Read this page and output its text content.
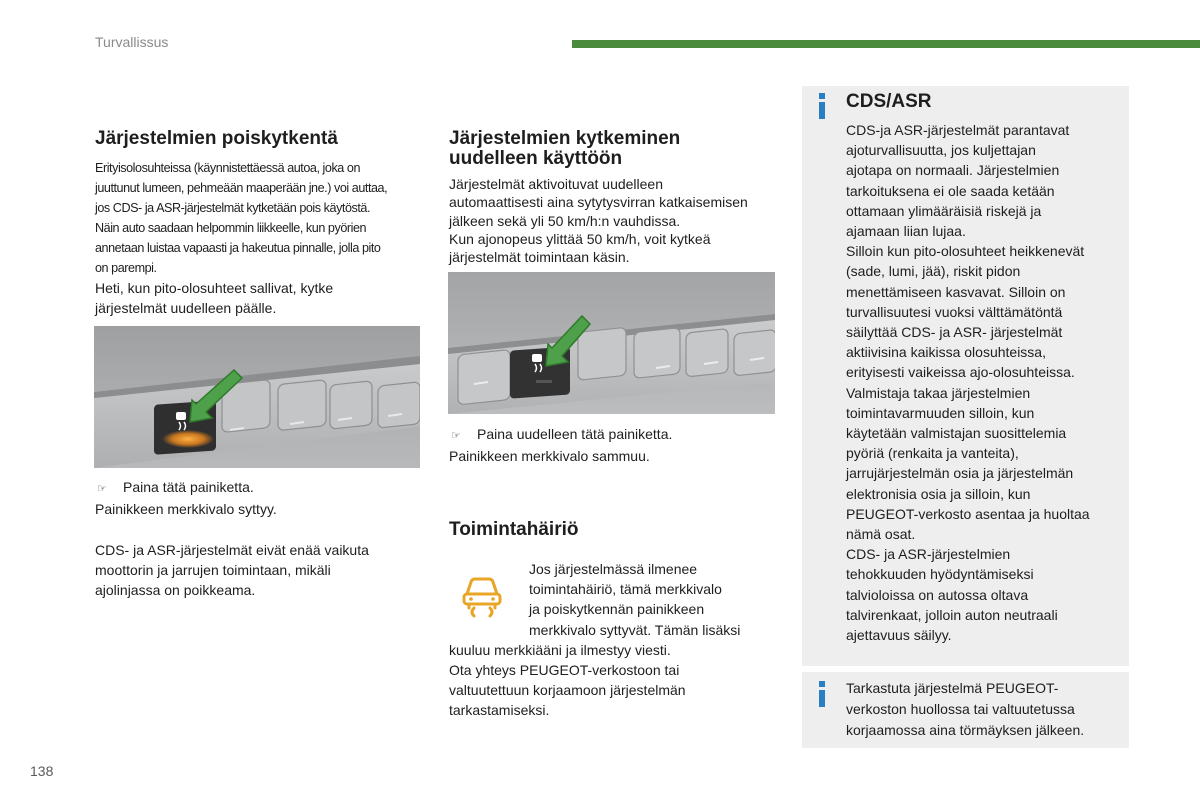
Turvallissus
Järjestelmien poiskytkentä
Erityisolosuhteissa (käynnistettäessä autoa, joka on
juuttunut lumeen, pehmeään maaperään jne.) voi auttaa,
jos CDS- ja ASR-järjestelmät kytketään pois käytöstä.
Näin auto saadaan helpommin liikkeelle, kun pyörien
annetaan luistaa vapaasti ja hakeutua pinnalle, jolla pito
on parempi.
Heti, kun pito-olosuhteet sallivat, kytke
järjestelmät uudelleen päälle.
☞ Paina tätä painiketta.
Painikkeen merkkivalo syttyy.
CDS- ja ASR-järjestelmät eivät enää vaikuta
moottorin ja jarrujen toimintaan, mikäli
ajolinjassa on poikkeama.
Järjestelmien kytkeminen
uudelleen käyttöön
Järjestelmät aktivoituvat uudelleen
automaattisesti aina sytytysvirran katkaisemisen
jälkeen sekä yli 50 km/h:n vauhdissa.
Kun ajonopeus ylittää 50 km/h, voit kytkeä
järjestelmät toimintaan käsin.
☞ Paina uudelleen tätä painiketta.
Painikkeen merkkivalo sammuu.
Toimintahäiriö
Jos järjestelmässä ilmenee
toimintahäiriö, tämä merkkivalo
ja poiskytkennän painikkeen
merkkivalo syttyvät. Tämän lisäksi
kuuluu merkkiääni ja ilmestyy viesti.
Ota yhteys PEUGEOT-verkostoon tai
valtuutettuun korjaamoon järjestelmän
tarkastamiseksi.
CDS/ASR
CDS-ja ASR-järjestelmät parantavat
ajoturvallisuutta, jos kuljettajan
ajotapa on normaali. Järjestelmien
tarkoituksena ei ole saada ketään
ottamaan ylimääräisiä riskejä ja
ajamaan liian lujaa.
Silloin kun pito-olosuhteet heikkenevät
(sade, lumi, jää), riskit pidon
menettämiseen kasvavat. Silloin on
turvallisuutesi vuoksi välttämätöntä
säilyttää CDS- ja ASR- järjestelmät
aktiivisina kaikissa olosuhteissa,
erityisesti vaikeissa ajo-olosuhteissa.
Valmistaja takaa järjestelmien
toimintavarmuuden silloin, kun
käytetään valmistajan suosittelemia
pyöriä (renkaita ja vanteita),
jarrujärjestelmän osia ja järjestelmän
elektronisia osia ja silloin, kun
PEUGEOT-verkosto asentaa ja huoltaa
nämä osat.
CDS- ja ASR-järjestelmien
tehokkuuden hyödyntämiseksi
talvioloissa on autossa oltava
talvirenkaat, jolloin auton neutraali
ajettavuus säilyy.
Tarkastuta järjestelmä PEUGEOT-
verkoston huollossa tai valtuutetussa
korjaamossa aina törmäyksen jälkeen.
138
